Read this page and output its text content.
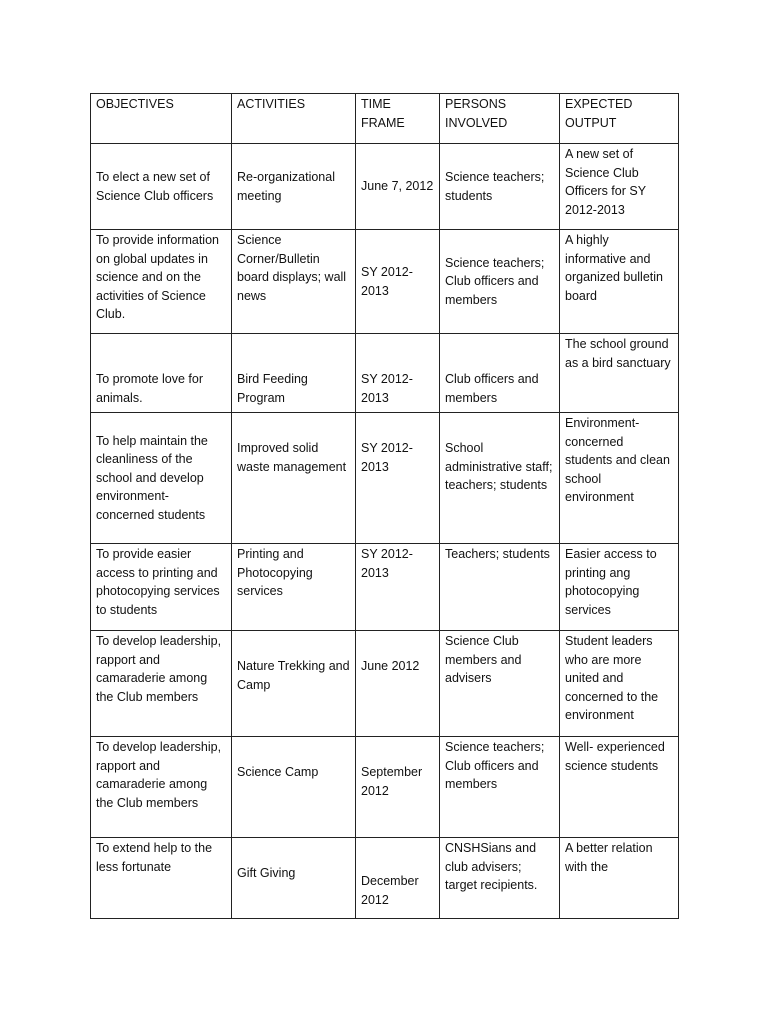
OBJECTIVES	ACTIVITIES	TIME FRAME	PERSONS INVOLVED	EXPECTED OUTPUT
To elect a new set of Science Club officers	Re-organizational meeting	June 7, 2012	Science teachers; students	A new set of Science Club Officers for SY 2012-2013
To provide information on global updates in science and on the activities of Science Club.	Science Corner/Bulletin board displays; wall news	SY 2012-2013	Science teachers; Club officers and members	A highly informative and organized bulletin board
To promote love for animals.	Bird Feeding Program	SY 2012-2013	Club officers and members	The school ground as a bird sanctuary
To help maintain the cleanliness of the school and develop environment-concerned students	Improved solid waste management	SY 2012-2013	School administrative staff; teachers; students	Environment-concerned students and clean school environment
To provide easier access to printing and photocopying services to students	Printing and Photocopying services	SY 2012-2013	Teachers; students	Easier access to printing ang photocopying services
To develop leadership, rapport and camaraderie among the Club members	Nature Trekking and Camp	June 2012	Science Club members and advisers	Student leaders who are more united and concerned to the environment
To develop leadership, rapport and camaraderie among the Club members	Science Camp	September 2012	Science teachers; Club officers and members	Well- experienced science students
To extend help to the less fortunate	Gift Giving	December 2012	CNSHSians and club advisers; target recipients.	A better relation with the
